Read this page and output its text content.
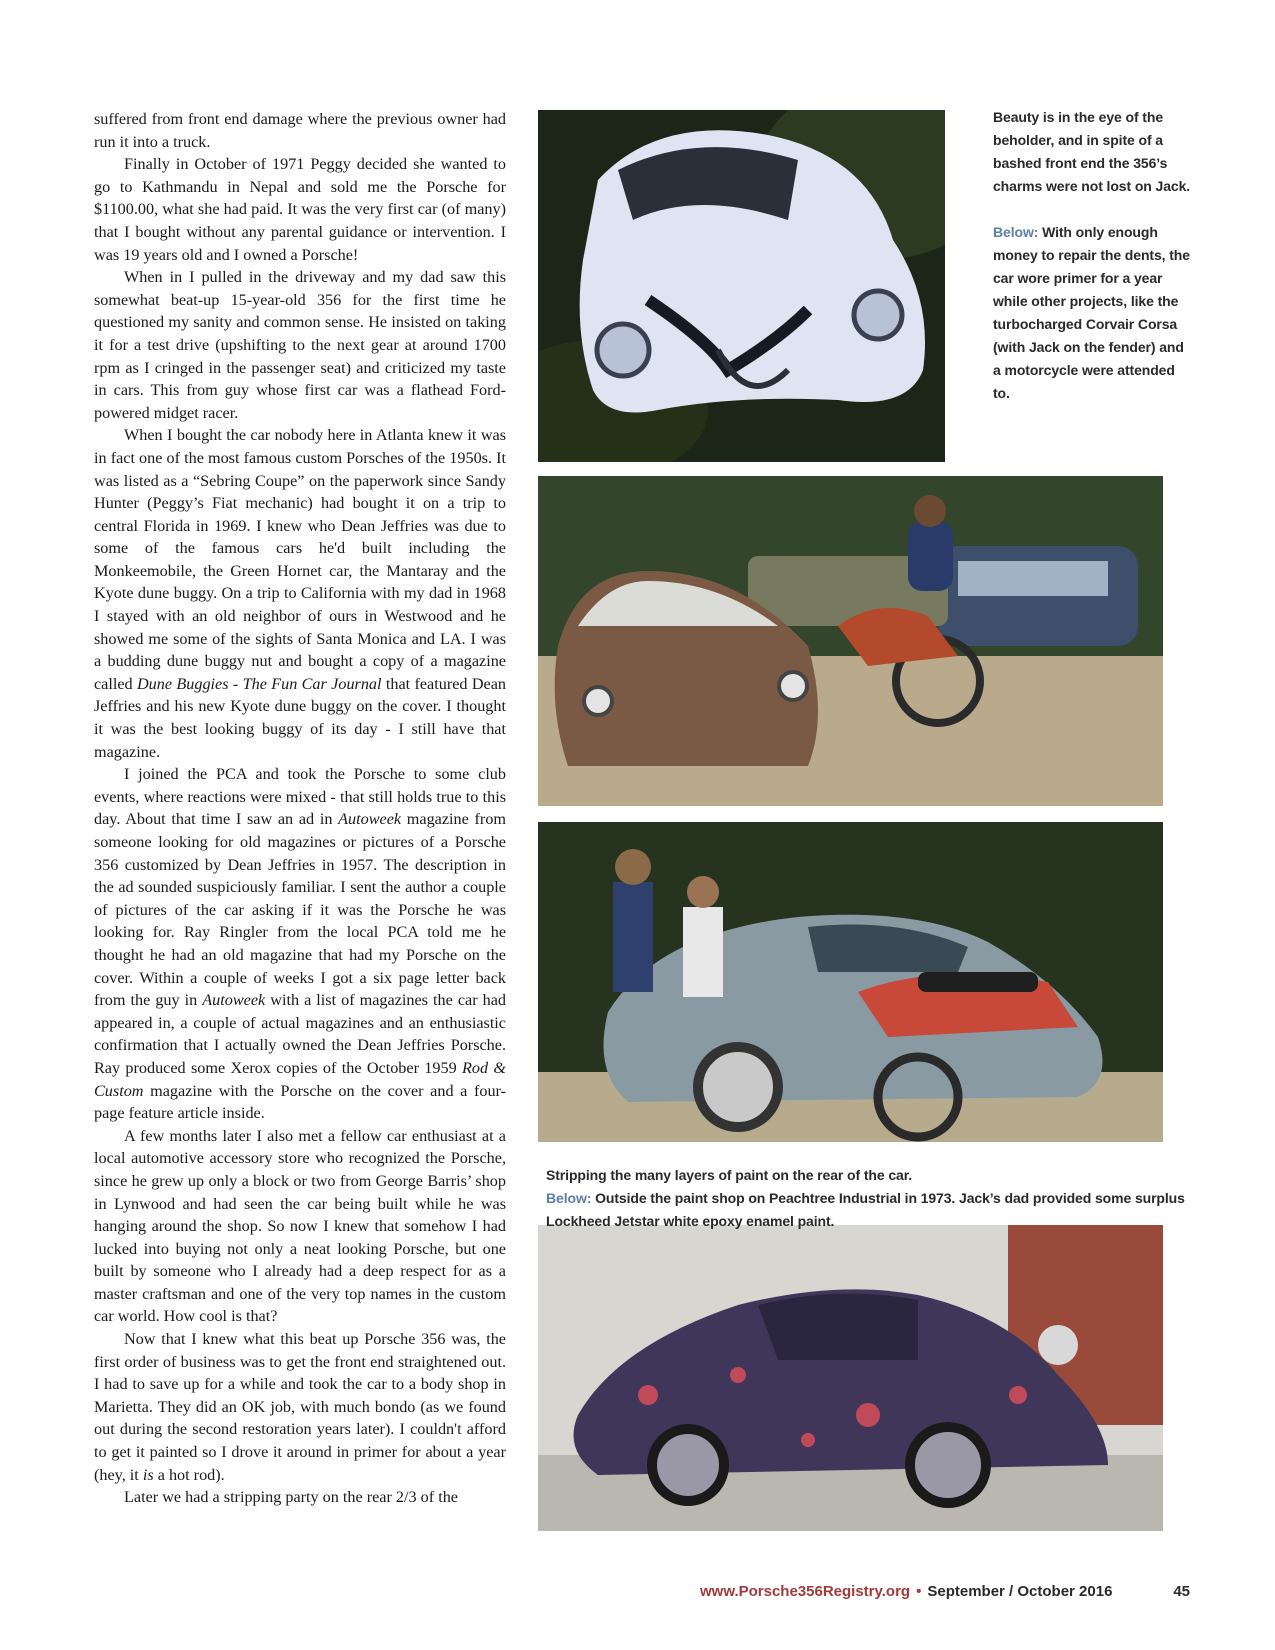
suffered from front end damage where the previous owner had run it into a truck.

Finally in October of 1971 Peggy decided she wanted to go to Kathmandu in Nepal and sold me the Porsche for $1100.00, what she had paid. It was the very first car (of many) that I bought without any parental guidance or intervention. I was 19 years old and I owned a Porsche!

When in I pulled in the driveway and my dad saw this somewhat beat-up 15-year-old 356 for the first time he questioned my sanity and common sense. He insisted on taking it for a test drive (upshifting to the next gear at around 1700 rpm as I cringed in the passenger seat) and criticized my taste in cars. This from guy whose first car was a flathead Ford-powered midget racer.

When I bought the car nobody here in Atlanta knew it was in fact one of the most famous custom Porsches of the 1950s. It was listed as a “Sebring Coupe” on the paperwork since Sandy Hunter (Peggy’s Fiat mechanic) had bought it on a trip to central Florida in 1969. I knew who Dean Jeffries was due to some of the famous cars he'd built including the Monkeemobile, the Green Hornet car, the Mantaray and the Kyote dune buggy. On a trip to California with my dad in 1968 I stayed with an old neighbor of ours in Westwood and he showed me some of the sights of Santa Monica and LA. I was a budding dune buggy nut and bought a copy of a magazine called Dune Buggies - The Fun Car Journal that featured Dean Jeffries and his new Kyote dune buggy on the cover. I thought it was the best looking buggy of its day - I still have that magazine.

I joined the PCA and took the Porsche to some club events, where reactions were mixed - that still holds true to this day. About that time I saw an ad in Autoweek magazine from someone looking for old magazines or pictures of a Porsche 356 customized by Dean Jeffries in 1957. The description in the ad sounded suspiciously familiar. I sent the author a couple of pictures of the car asking if it was the Porsche he was looking for. Ray Ringler from the local PCA told me he thought he had an old magazine that had my Porsche on the cover. Within a couple of weeks I got a six page letter back from the guy in Autoweek with a list of magazines the car had appeared in, a couple of actual magazines and an enthusiastic confirmation that I actually owned the Dean Jeffries Porsche. Ray produced some Xerox copies of the October 1959 Rod & Custom magazine with the Porsche on the cover and a four-page feature article inside.

A few months later I also met a fellow car enthusiast at a local automotive accessory store who recognized the Porsche, since he grew up only a block or two from George Barris’ shop in Lynwood and had seen the car being built while he was hanging around the shop. So now I knew that somehow I had lucked into buying not only a neat looking Porsche, but one built by someone who I already had a deep respect for as a master craftsman and one of the very top names in the custom car world. How cool is that?

Now that I knew what this beat up Porsche 356 was, the first order of business was to get the front end straightened out. I had to save up for a while and took the car to a body shop in Marietta. They did an OK job, with much bondo (as we found out during the second restoration years later). I couldn't afford to get it painted so I drove it around in primer for about a year (hey, it is a hot rod).

Later we had a stripping party on the rear 2/3 of the

Beauty is in the eye of the beholder, and in spite of a bashed front end the 356’s charms were not lost on Jack.

Below: With only enough money to repair the dents, the car wore primer for a year while other projects, like the turbocharged Corvair Corsa (with Jack on the fender) and a motorcycle were attended to.

Stripping the many layers of paint on the rear of the car.

Below: Outside the paint shop on Peachtree Industrial in 1973. Jack’s dad provided some surplus Lockheed Jetstar white epoxy enamel paint.

www.Porsche356Registry.org • September / October 2016	45
